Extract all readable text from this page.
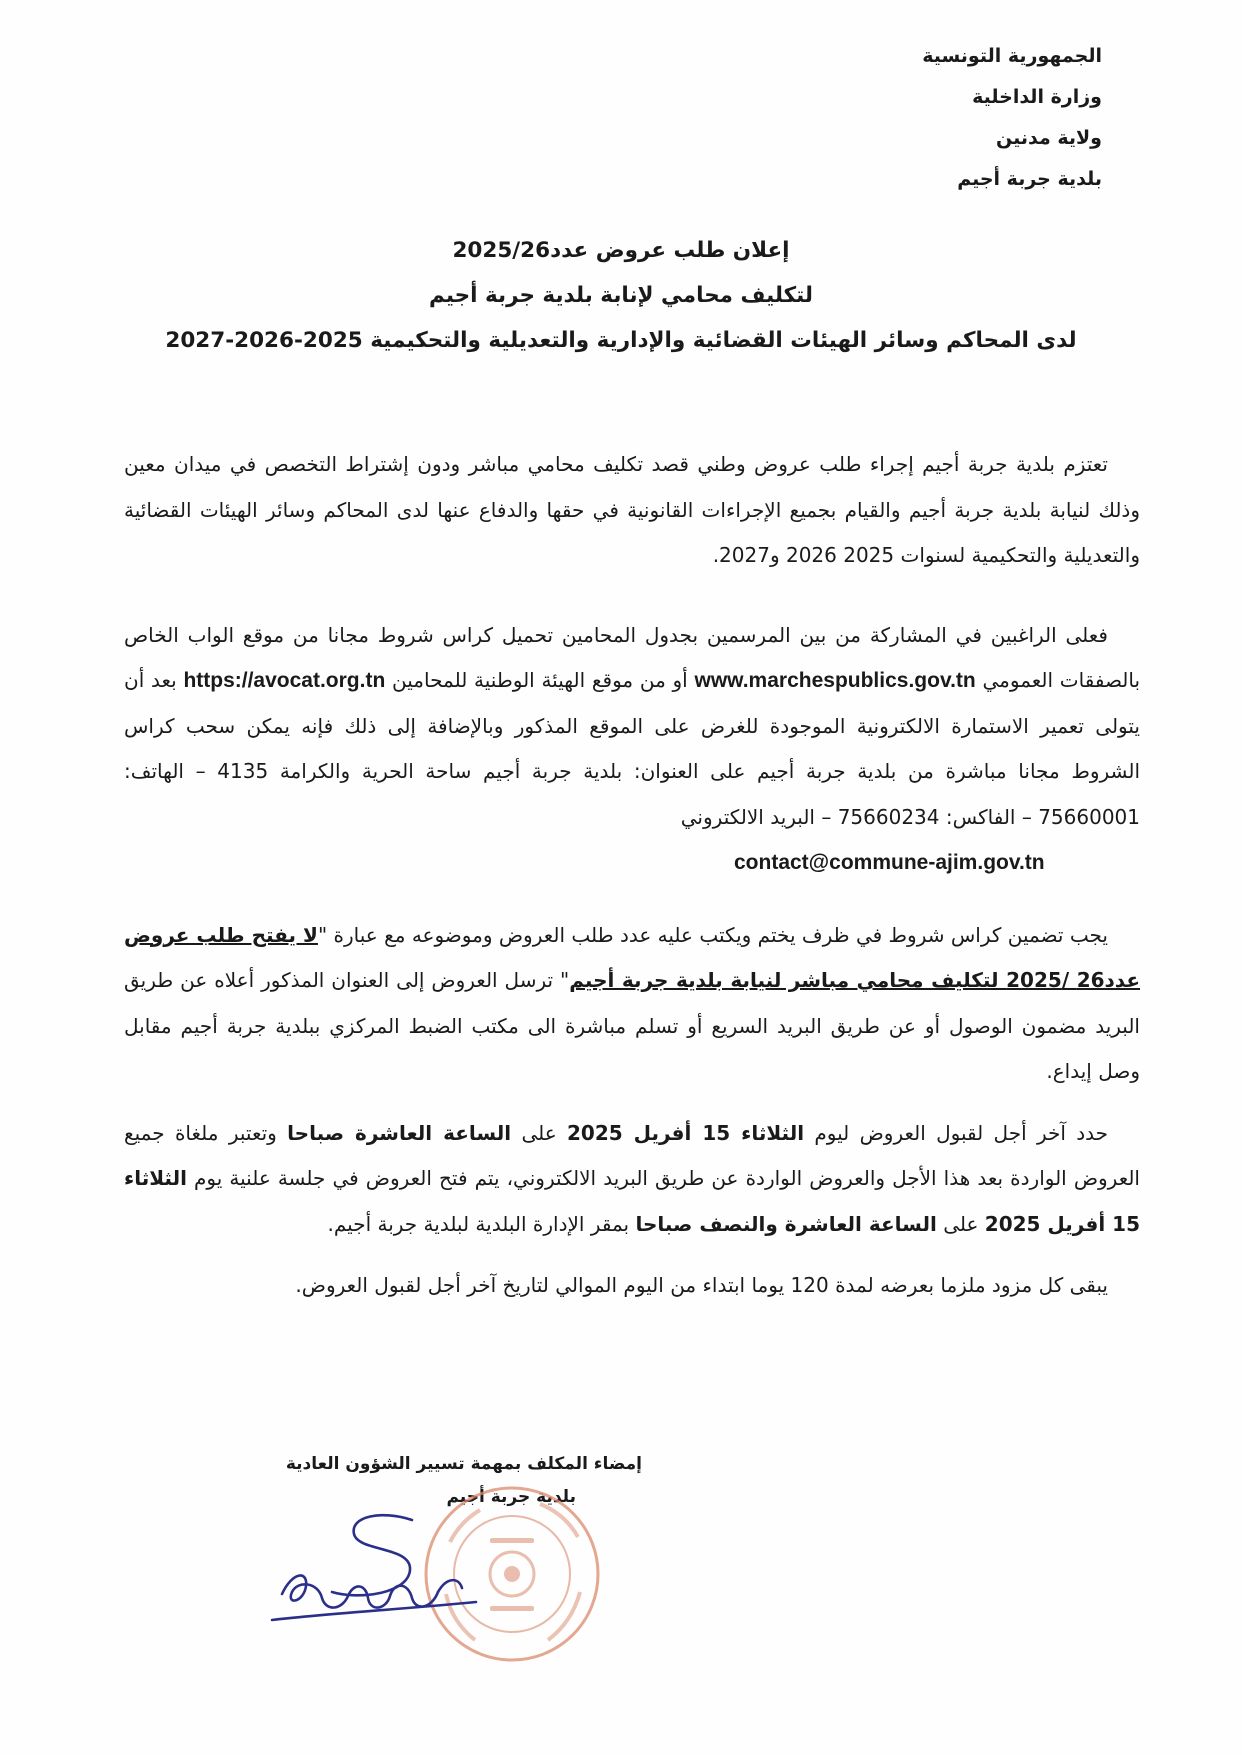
الجمهورية التونسية
وزارة الداخلية
ولاية مدنين
بلدية جربة أجيم
إعلان طلب عروض عدد2025/26
لتكليف محامي لإنابة بلدية جربة أجيم
لدى المحاكم وسائر الهيئات القضائية والإدارية والتعديلية والتحكيمية 2025-2026-2027

تعتزم بلدية جربة أجيم إجراء طلب عروض وطني قصد تكليف محامي مباشر ودون إشتراط التخصص في ميدان معين وذلك لنيابة بلدية جربة أجيم والقيام بجميع الإجراءات القانونية في حقها والدفاع عنها لدى المحاكم وسائر الهيئات القضائية والتعديلية والتحكيمية لسنوات 2025 2026 و2027.

فعلى الراغبين في المشاركة من بين المرسمين بجدول المحامين تحميل كراس شروط مجانا من موقع الواب الخاص بالصفقات العمومي www.marchespublics.gov.tn أو من موقع الهيئة الوطنية للمحامين https://avocat.org.tn بعد أن يتولى تعمير الاستمارة الالكترونية الموجودة للغرض على الموقع المذكور وبالإضافة إلى ذلك فإنه يمكن سحب كراس الشروط مجانا مباشرة من بلدية جربة أجيم على العنوان: بلدية جربة أجيم ساحة الحرية والكرامة 4135 – الهاتف: 75660001 – الفاكس: 75660234 – البريد الالكتروني

contact@commune-ajim.gov.tn

يجب تضمين كراس شروط في ظرف يختم ويكتب عليه عدد طلب العروض وموضوعه مع عبارة "لا يفتح طلب عروض عدد26 /2025 لتكليف محامي مباشر لنيابة بلدية جربة أجيم" ترسل العروض إلى العنوان المذكور أعلاه عن طريق البريد مضمون الوصول أو عن طريق البريد السريع أو تسلم مباشرة الى مكتب الضبط المركزي ببلدية جربة أجيم مقابل وصل إيداع.

حدد آخر أجل لقبول العروض ليوم الثلاثاء 15 أفريل 2025 على الساعة العاشرة صباحا وتعتبر ملغاة جميع العروض الواردة بعد هذا الأجل والعروض الواردة عن طريق البريد الالكتروني، يتم فتح العروض في جلسة علنية يوم الثلاثاء 15 أفريل 2025 على الساعة العاشرة والنصف صباحا بمقر الإدارة البلدية لبلدية جربة أجيم.

يبقى كل مزود ملزما بعرضه لمدة 120 يوما ابتداء من اليوم الموالي لتاريخ آخر أجل لقبول العروض.

إمضاء المكلف بمهمة تسيير الشؤون العادية
بلدية جربة أجيم
